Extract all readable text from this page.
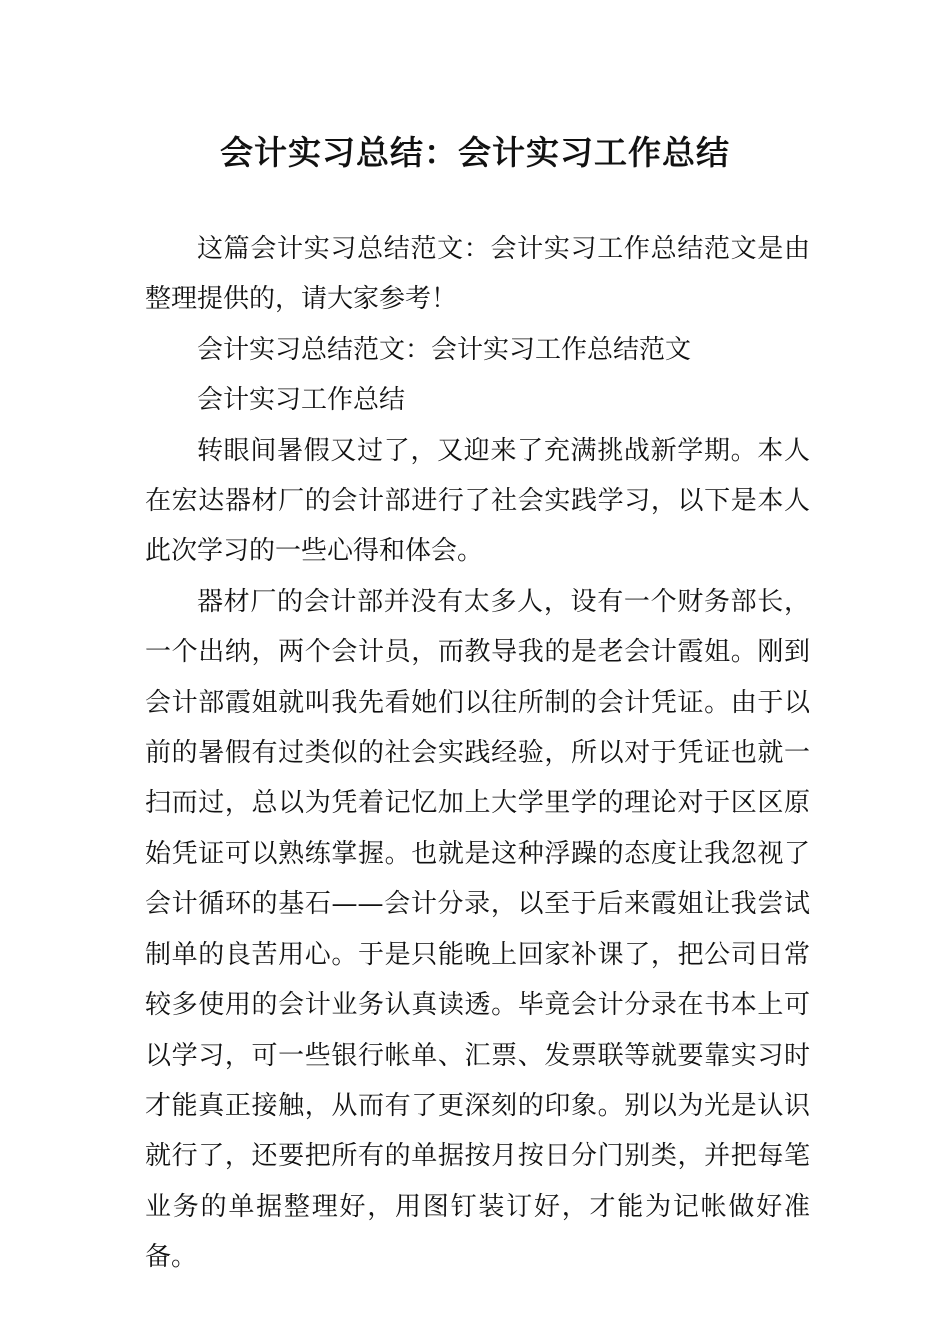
会计实习总结：会计实习工作总结

这篇会计实习总结范文：会计实习工作总结范文是由整理提供的，请大家参考！

会计实习总结范文：会计实习工作总结范文

会计实习工作总结

转眼间暑假又过了，又迎来了充满挑战新学期。本人在宏达器材厂的会计部进行了社会实践学习，以下是本人此次学习的一些心得和体会。

器材厂的会计部并没有太多人，设有一个财务部长，一个出纳，两个会计员，而教导我的是老会计霞姐。刚到会计部霞姐就叫我先看她们以往所制的会计凭证。由于以前的暑假有过类似的社会实践经验，所以对于凭证也就一扫而过，总以为凭着记忆加上大学里学的理论对于区区原始凭证可以熟练掌握。也就是这种浮躁的态度让我忽视了会计循环的基石——会计分录，以至于后来霞姐让我尝试制单的良苦用心。于是只能晚上回家补课了，把公司日常较多使用的会计业务认真读透。毕竟会计分录在书本上可以学习，可一些银行帐单、汇票、发票联等就要靠实习时才能真正接触，从而有了更深刻的印象。别以为光是认识就行了，还要把所有的单据按月按日分门别类，并把每笔业务的单据整理好，用图钉装订好，才能为记帐做好准备。
